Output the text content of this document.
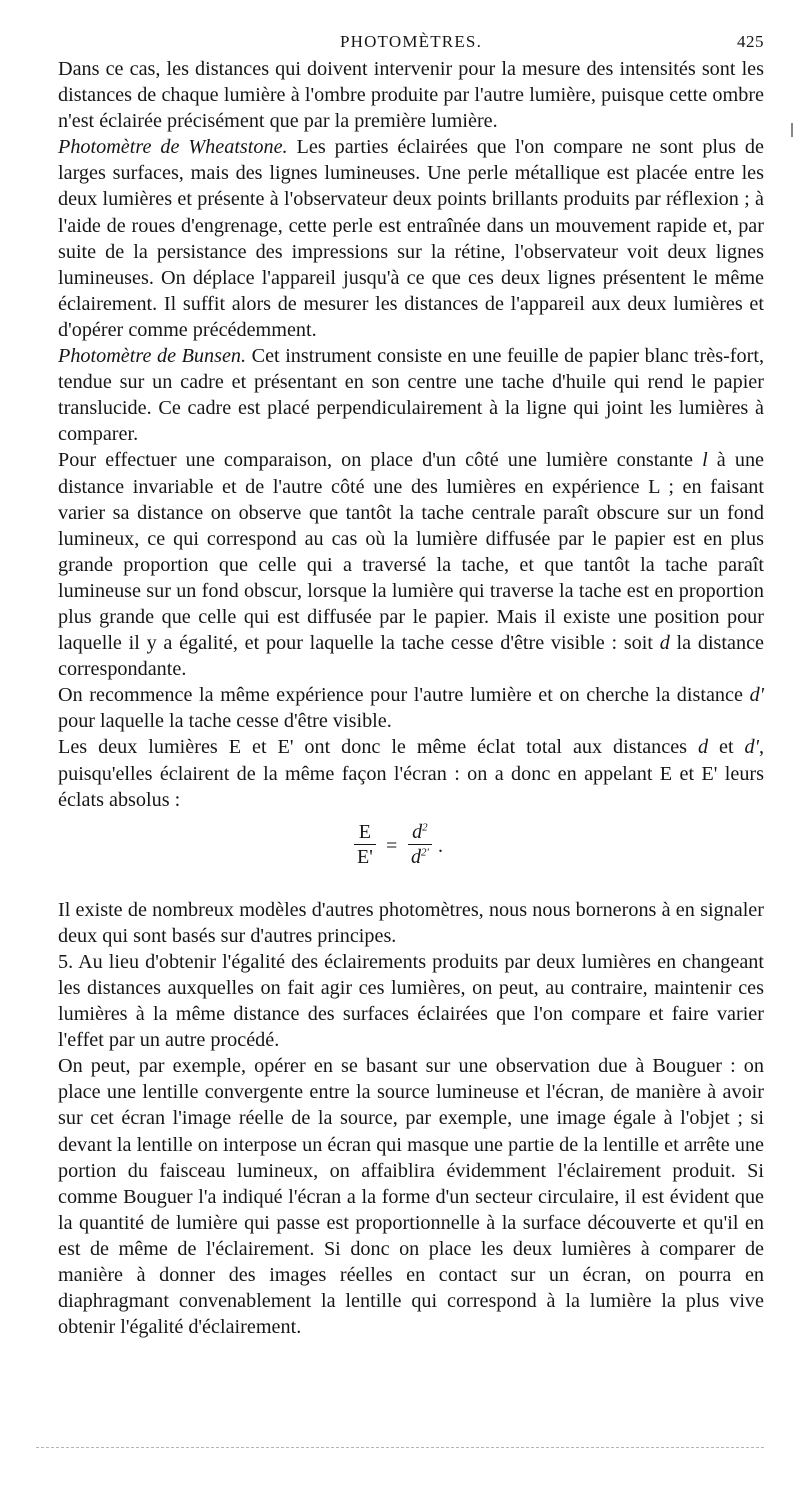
PHOTOMÈTRES.	425

Dans ce cas, les distances qui doivent intervenir pour la mesure des intensités sont les distances de chaque lumière à l'ombre produite par l'autre lumière, puisque cette ombre n'est éclairée précisément que par la première lumière.

Photomètre de Wheatstone. Les parties éclairées que l'on compare ne sont plus de larges surfaces, mais des lignes lumineuses. Une perle métallique est placée entre les deux lumières et présente à l'observateur deux points brillants produits par réflexion ; à l'aide de roues d'engrenage, cette perle est entraînée dans un mouvement rapide et, par suite de la persistance des impressions sur la rétine, l'observateur voit deux lignes lumineuses. On déplace l'appareil jusqu'à ce que ces deux lignes présentent le même éclairement. Il suffit alors de mesurer les distances de l'appareil aux deux lumières et d'opérer comme précédemment.

Photomètre de Bunsen. Cet instrument consiste en une feuille de papier blanc très-fort, tendue sur un cadre et présentant en son centre une tache d'huile qui rend le papier translucide. Ce cadre est placé perpendiculairement à la ligne qui joint les lumières à comparer.

Pour effectuer une comparaison, on place d'un côté une lumière constante l à une distance invariable et de l'autre côté une des lumières en expérience L ; en faisant varier sa distance on observe que tantôt la tache centrale paraît obscure sur un fond lumineux, ce qui correspond au cas où la lumière diffusée par le papier est en plus grande proportion que celle qui a traversé la tache, et que tantôt la tache paraît lumineuse sur un fond obscur, lorsque la lumière qui traverse la tache est en proportion plus grande que celle qui est diffusée par le papier. Mais il existe une position pour laquelle il y a égalité, et pour laquelle la tache cesse d'être visible : soit d la distance correspondante.

On recommence la même expérience pour l'autre lumière et on cherche la distance d' pour laquelle la tache cesse d'être visible.

Les deux lumières E et E' ont donc le même éclat total aux distances d et d', puisqu'elles éclairent de la même façon l'écran : on a donc en appelant E et E' leurs éclats absolus :

E
E' =
$d^2$
$d^{2'}$ .

Il existe de nombreux modèles d'autres photomètres, nous nous bornerons à en signaler deux qui sont basés sur d'autres principes.

5. Au lieu d'obtenir l'égalité des éclairements produits par deux lumières en changeant les distances auxquelles on fait agir ces lumières, on peut, au contraire, maintenir ces lumières à la même distance des surfaces éclairées que l'on compare et faire varier l'effet par un autre procédé.

On peut, par exemple, opérer en se basant sur une observation due à Bouguer : on place une lentille convergente entre la source lumineuse et l'écran, de manière à avoir sur cet écran l'image réelle de la source, par exemple, une image égale à l'objet ; si devant la lentille on interpose un écran qui masque une partie de la lentille et arrête une portion du faisceau lumineux, on affaiblira évidemment l'éclairement produit. Si comme Bouguer l'a indiqué l'écran a la forme d'un secteur circulaire, il est évident que la quantité de lumière qui passe est proportionnelle à la surface découverte et qu'il en est de même de l'éclairement. Si donc on place les deux lumières à comparer de manière à donner des images réelles en contact sur un écran, on pourra en diaphragmant convenablement la lentille qui correspond à la lumière la plus vive obtenir l'égalité d'éclairement.
